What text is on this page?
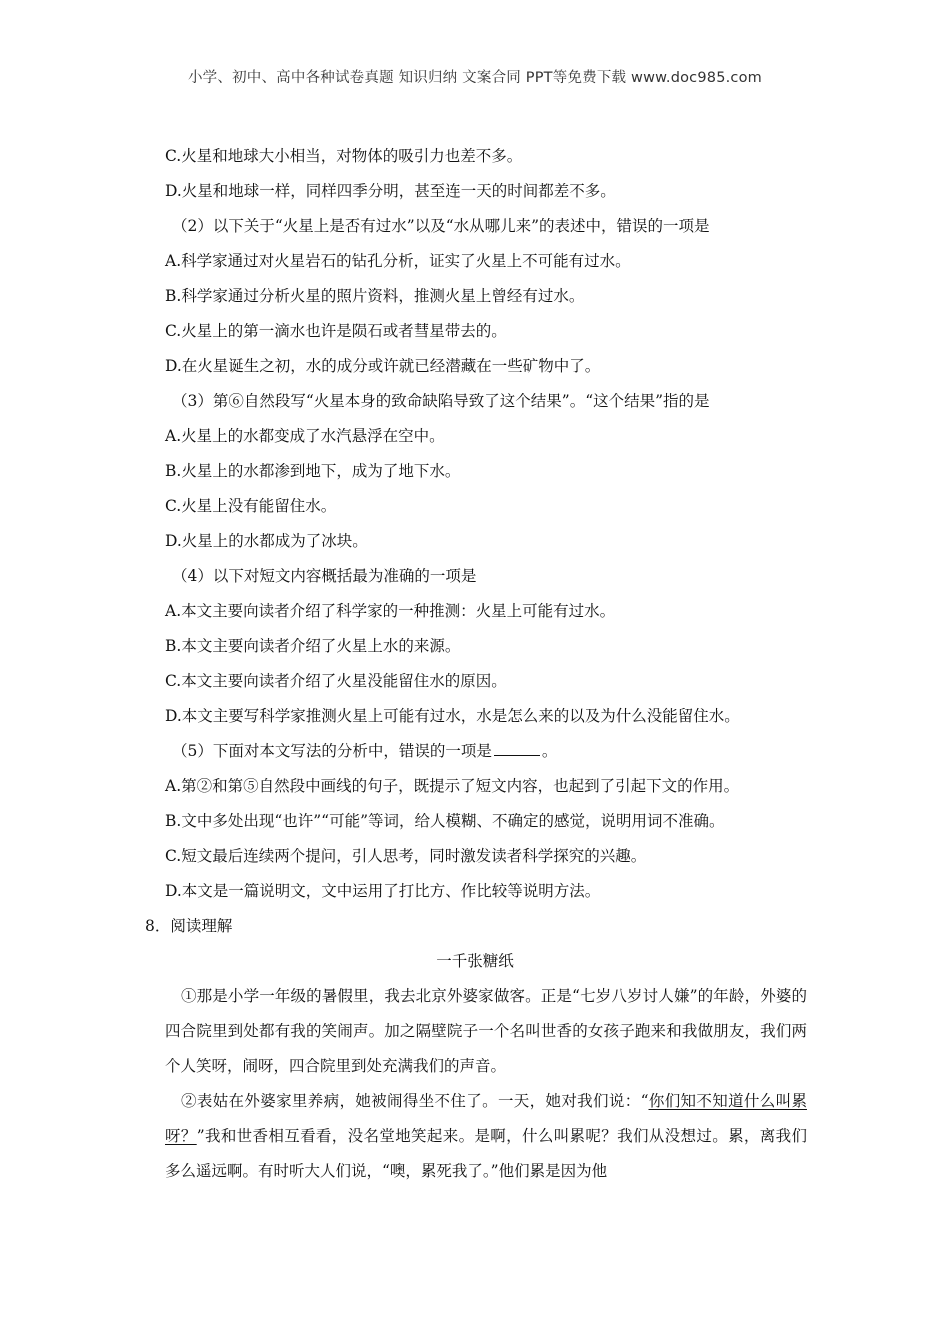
小学、初中、高中各种试卷真题 知识归纳 文案合同 PPT等免费下载 www.doc985.com
C.火星和地球大小相当，对物体的吸引力也差不多。
D.火星和地球一样，同样四季分明，甚至连一天的时间都差不多。
（2）以下关于“火星上是否有过水”以及“水从哪儿来”的表述中，错误的一项是
A.科学家通过对火星岩石的钻孔分析，证实了火星上不可能有过水。
B.科学家通过分析火星的照片资料，推测火星上曾经有过水。
C.火星上的第一滴水也许是陨石或者彗星带去的。
D.在火星诞生之初，水的成分或许就已经潜藏在一些矿物中了。
（3）第⑥自然段写“火星本身的致命缺陷导致了这个结果”。“这个结果”指的是
A.火星上的水都变成了水汽悬浮在空中。
B.火星上的水都渗到地下，成为了地下水。
C.火星上没有能留住水。
D.火星上的水都成为了冰块。
（4）以下对短文内容概括最为准确的一项是
A.本文主要向读者介绍了科学家的一种推测：火星上可能有过水。
B.本文主要向读者介绍了火星上水的来源。
C.本文主要向读者介绍了火星没能留住水的原因。
D.本文主要写科学家推测火星上可能有过水，水是怎么来的以及为什么没能留住水。
（5）下面对本文写法的分析中，错误的一项是	。
A.第②和第⑤自然段中画线的句子，既提示了短文内容，也起到了引起下文的作用。
B.文中多处出现“也许”“可能”等词，给人模糊、不确定的感觉，说明用词不准确。
C.短文最后连续两个提问，引人思考，同时激发读者科学探究的兴趣。
D.本文是一篇说明文，文中运用了打比方、作比较等说明方法。
8．阅读理解
一千张糖纸
①那是小学一年级的暑假里，我去北京外婆家做客。正是“七岁八岁讨人嫌”的年龄，外婆的四合院里到处都有我的笑闹声。加之隔壁院子一个名叫世香的女孩子跑来和我做朋友，我们两个人笑呀，闹呀，四合院里到处充满我们的声音。
②表姑在外婆家里养病，她被闹得坐不住了。一天，她对我们说：“你们知不知道什么叫累呀？”我和世香相互看看，没名堂地笑起来。是啊，什么叫累呢？我们从没想过。累，离我们多么遥远啊。有时听大人们说，“噢，累死我了。”他们累是因为他
